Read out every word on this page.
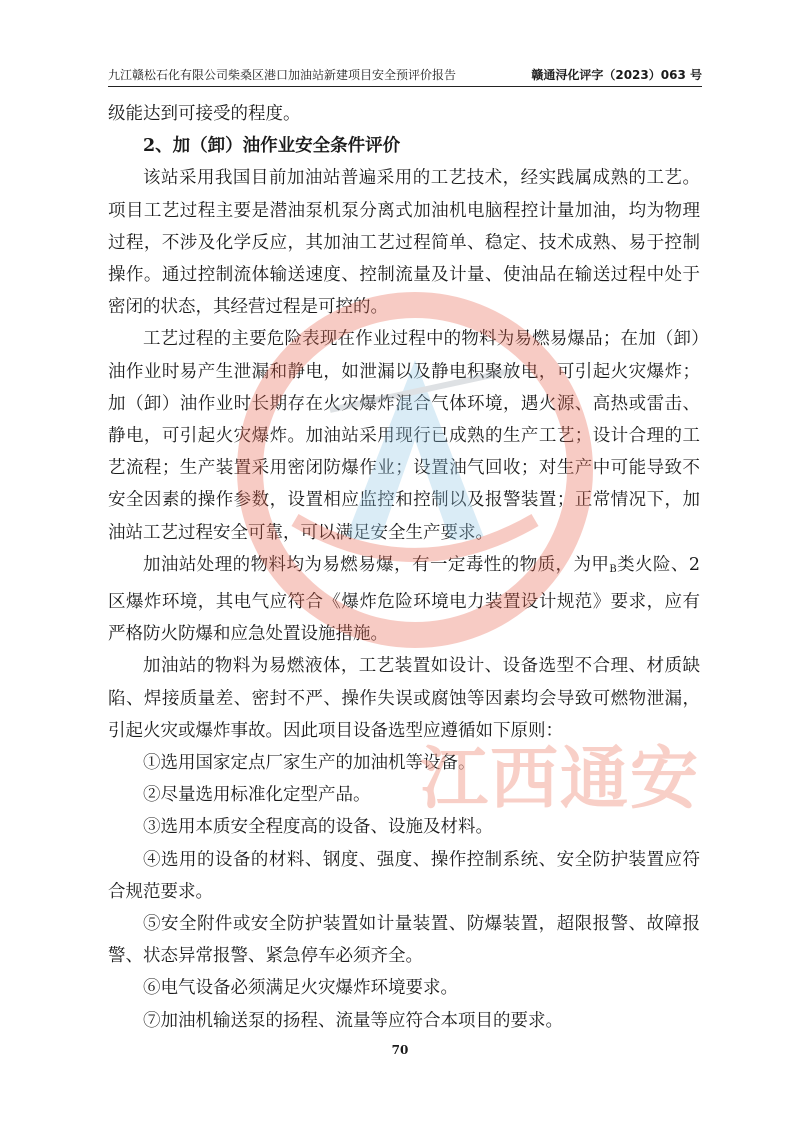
九江赣松石化有限公司柴桑区港口加油站新建项目安全预评价报告	赣通浔化评字（2023）063 号

级能达到可接受的程度。

2、加（卸）油作业安全条件评价

该站采用我国目前加油站普遍采用的工艺技术，经实践属成熟的工艺。项目工艺过程主要是潜油泵机泵分离式加油机电脑程控计量加油，均为物理过程，不涉及化学反应，其加油工艺过程简单、稳定、技术成熟、易于控制操作。通过控制流体输送速度、控制流量及计量、使油品在输送过程中处于密闭的状态，其经营过程是可控的。

工艺过程的主要危险表现在作业过程中的物料为易燃易爆品；在加（卸）油作业时易产生泄漏和静电，如泄漏以及静电积聚放电，可引起火灾爆炸；加（卸）油作业时长期存在火灾爆炸混合气体环境，遇火源、高热或雷击、静电，可引起火灾爆炸。加油站采用现行已成熟的生产工艺；设计合理的工艺流程；生产装置采用密闭防爆作业；设置油气回收；对生产中可能导致不安全因素的操作参数，设置相应监控和控制以及报警装置；正常情况下，加油站工艺过程安全可靠，可以满足安全生产要求。

加油站处理的物料均为易燃易爆，有一定毒性的物质，为甲$_B$类火险、2区爆炸环境，其电气应符合《爆炸危险环境电力装置设计规范》要求，应有严格防火防爆和应急处置设施措施。

加油站的物料为易燃液体，工艺装置如设计、设备选型不合理、材质缺陷、焊接质量差、密封不严、操作失误或腐蚀等因素均会导致可燃物泄漏，引起火灾或爆炸事故。因此项目设备选型应遵循如下原则：

①选用国家定点厂家生产的加油机等设备。

②尽量选用标准化定型产品。

③选用本质安全程度高的设备、设施及材料。

④选用的设备的材料、钢度、强度、操作控制系统、安全防护装置应符合规范要求。

⑤安全附件或安全防护装置如计量装置、防爆装置，超限报警、故障报警、状态异常报警、紧急停车必须齐全。

⑥电气设备必须满足火灾爆炸环境要求。

⑦加油机输送泵的扬程、流量等应符合本项目的要求。

江西通安
70
